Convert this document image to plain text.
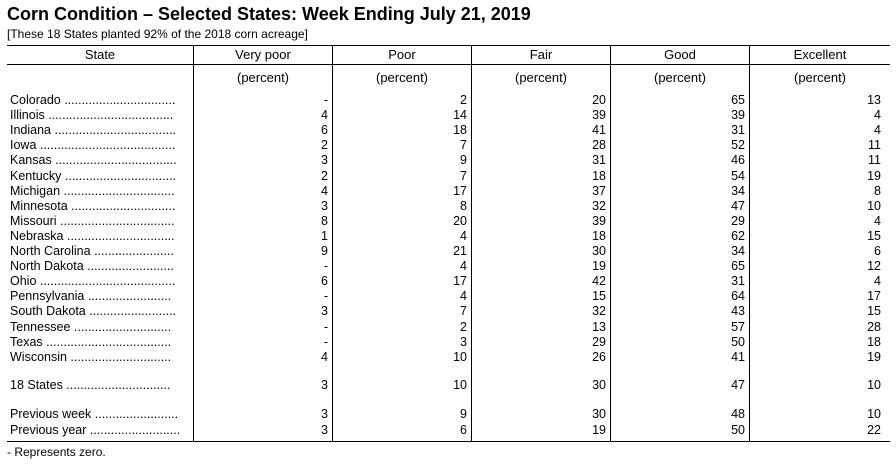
Corn Condition – Selected States: Week Ending July 21, 2019
[These 18 States planted 92% of the 2018 corn acreage]
State	Very poor	Poor	Fair	Good	Excellent
(percent)	(percent)	(percent)	(percent)	(percent)
Colorado ................................	-	2	20	65	13
Illinois ....................................	4	14	39	39	4
Indiana ...................................	6	18	41	31	4
Iowa .......................................	2	7	28	52	11
Kansas ...................................	3	9	31	46	11
Kentucky ................................	2	7	18	54	19
Michigan ................................	4	17	37	34	8
Minnesota ..............................	3	8	32	47	10
Missouri .................................	8	20	39	29	4
Nebraska ...............................	1	4	18	62	15
North Carolina .......................	9	21	30	34	6
North Dakota .........................	-	4	19	65	12
Ohio .......................................	6	17	42	31	4
Pennsylvania ........................	-	4	15	64	17
South Dakota .........................	3	7	32	43	15
Tennessee ............................	-	2	13	57	28
Texas ....................................	-	3	29	50	18
Wisconsin .............................	4	10	26	41	19
18 States ..............................	3	10	30	47	10
Previous week ........................	3	9	30	48	10
Previous year ..........................	3	6	19	50	22
- Represents zero.
